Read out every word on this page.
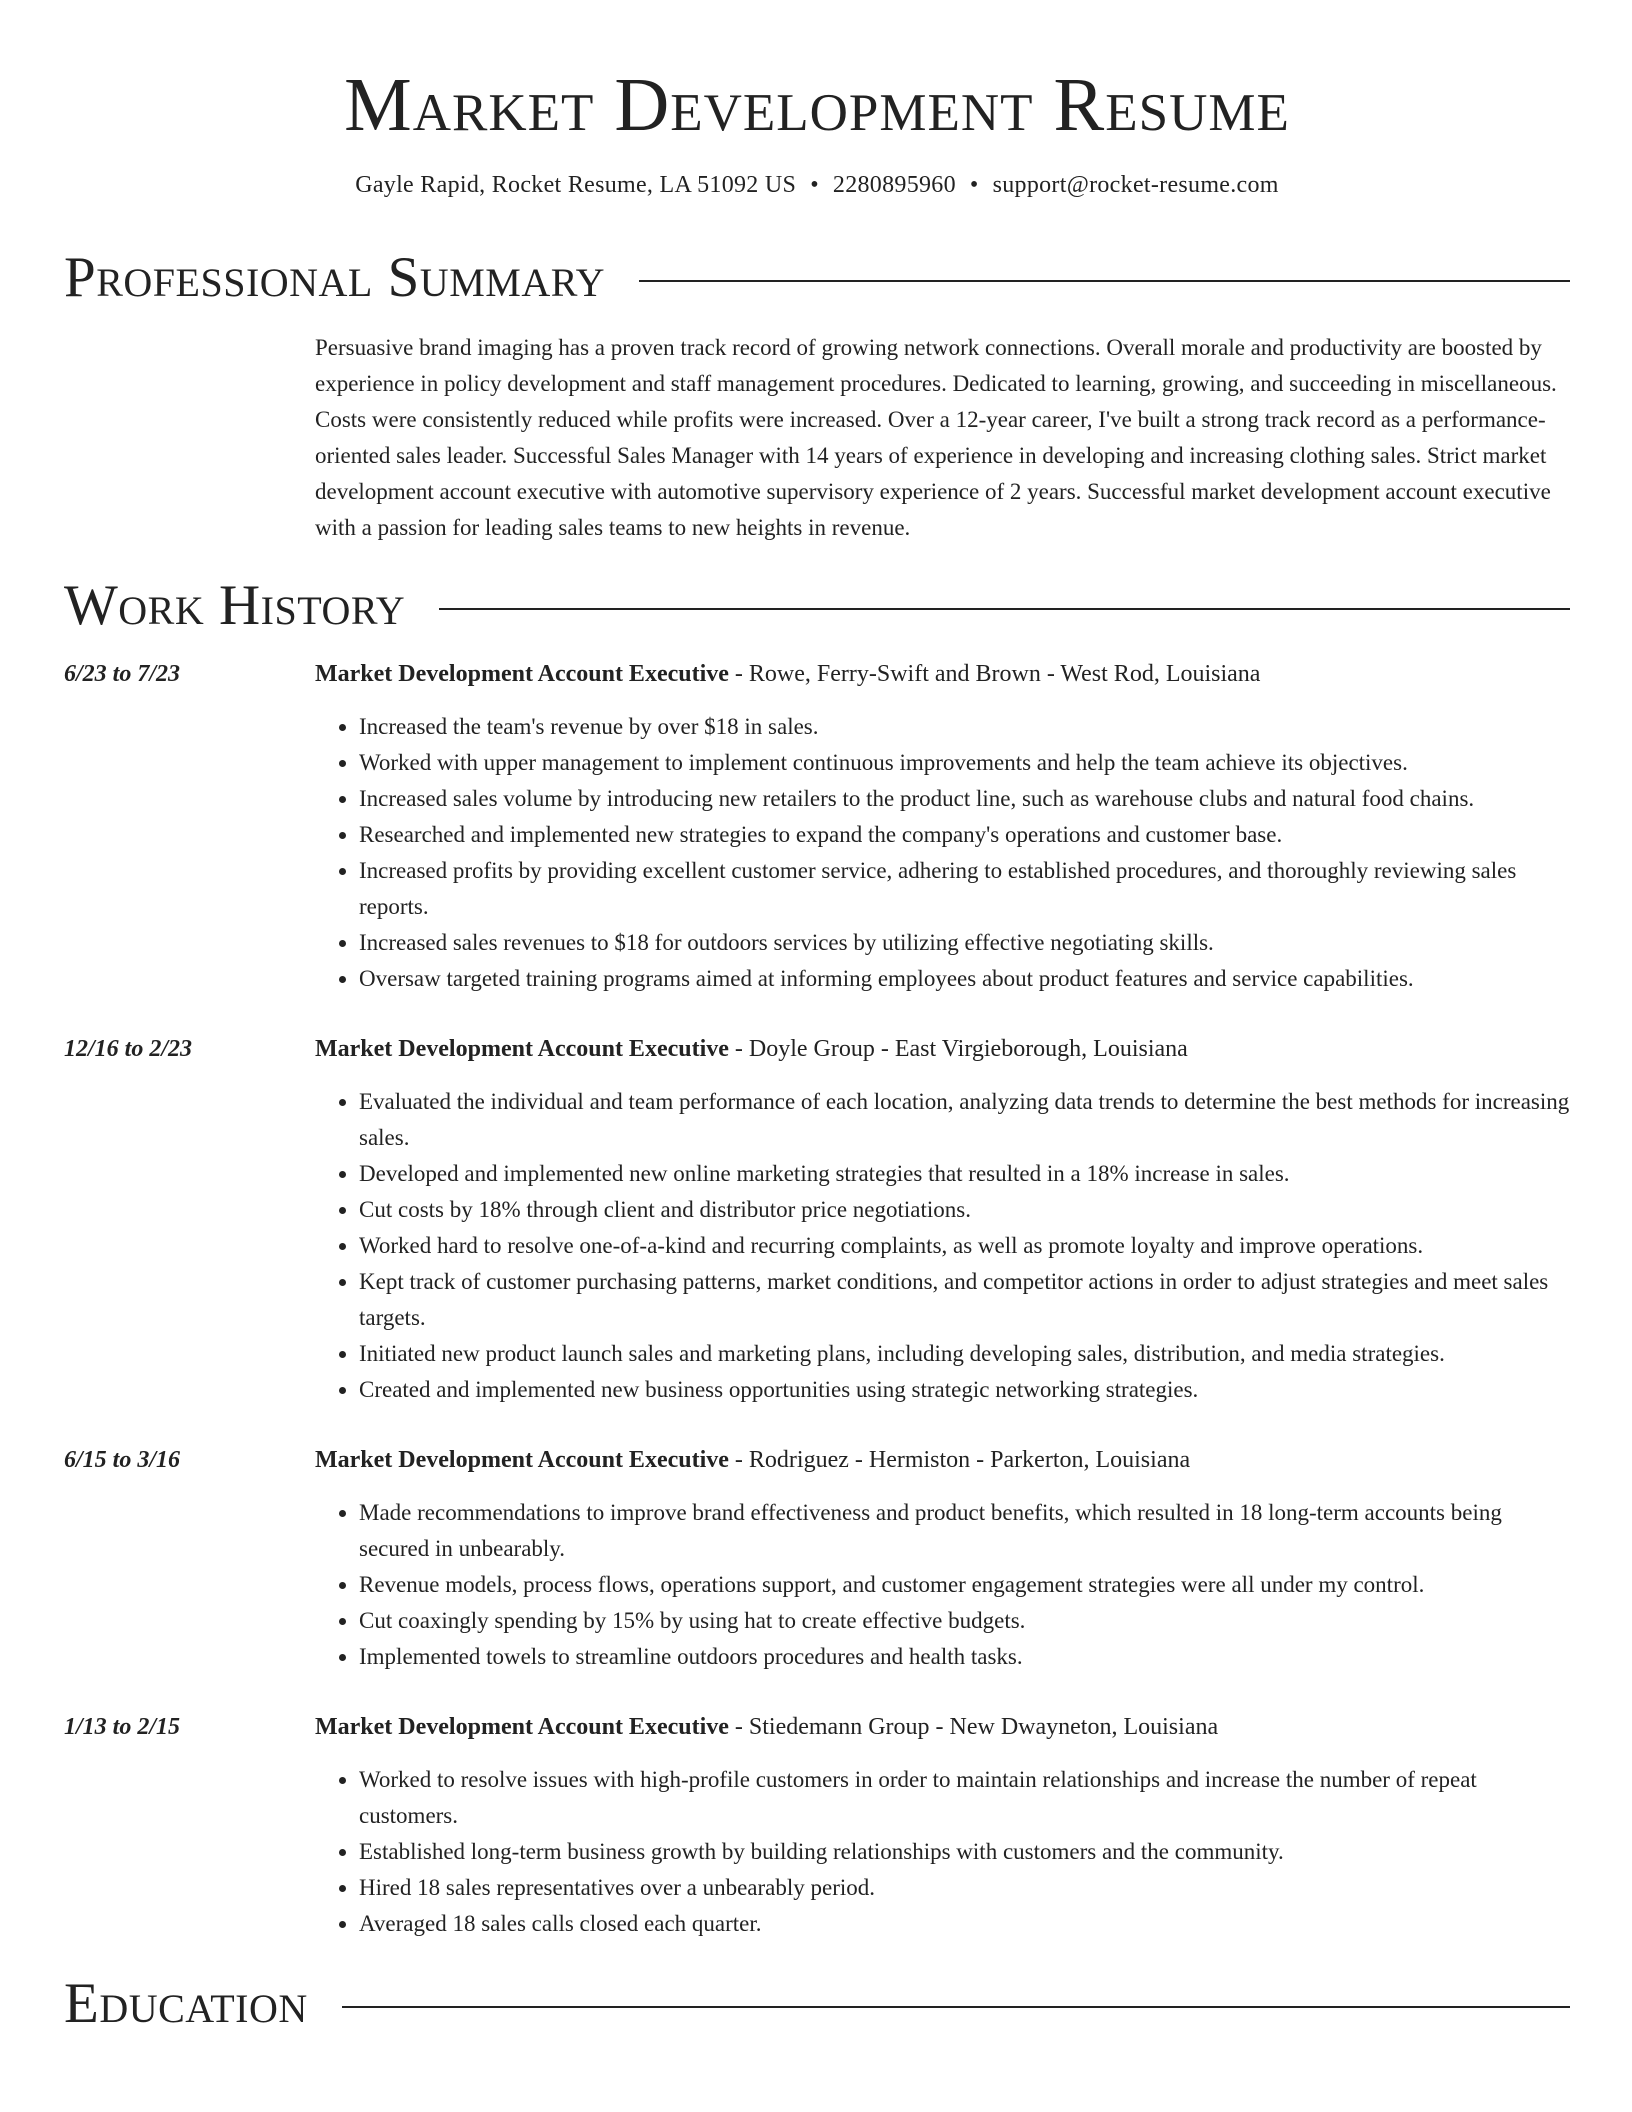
Market Development Resume
Gayle Rapid, Rocket Resume, LA 51092 US • 2280895960 • support@rocket-resume.com
Professional Summary
Persuasive brand imaging has a proven track record of growing network connections. Overall morale and productivity are boosted by experience in policy development and staff management procedures. Dedicated to learning, growing, and succeeding in miscellaneous. Costs were consistently reduced while profits were increased. Over a 12-year career, I've built a strong track record as a performance-oriented sales leader. Successful Sales Manager with 14 years of experience in developing and increasing clothing sales. Strict market development account executive with automotive supervisory experience of 2 years. Successful market development account executive with a passion for leading sales teams to new heights in revenue.
Work History
6/23 to 7/23	Market Development Account Executive - Rowe, Ferry-Swift and Brown - West Rod, Louisiana
• Increased the team's revenue by over $18 in sales.
• Worked with upper management to implement continuous improvements and help the team achieve its objectives.
• Increased sales volume by introducing new retailers to the product line, such as warehouse clubs and natural food chains.
• Researched and implemented new strategies to expand the company's operations and customer base.
• Increased profits by providing excellent customer service, adhering to established procedures, and thoroughly reviewing sales reports.
• Increased sales revenues to $18 for outdoors services by utilizing effective negotiating skills.
• Oversaw targeted training programs aimed at informing employees about product features and service capabilities.
12/16 to 2/23	Market Development Account Executive - Doyle Group - East Virgieborough, Louisiana
• Evaluated the individual and team performance of each location, analyzing data trends to determine the best methods for increasing sales.
• Developed and implemented new online marketing strategies that resulted in a 18% increase in sales.
• Cut costs by 18% through client and distributor price negotiations.
• Worked hard to resolve one-of-a-kind and recurring complaints, as well as promote loyalty and improve operations.
• Kept track of customer purchasing patterns, market conditions, and competitor actions in order to adjust strategies and meet sales targets.
• Initiated new product launch sales and marketing plans, including developing sales, distribution, and media strategies.
• Created and implemented new business opportunities using strategic networking strategies.
6/15 to 3/16	Market Development Account Executive - Rodriguez - Hermiston - Parkerton, Louisiana
• Made recommendations to improve brand effectiveness and product benefits, which resulted in 18 long-term accounts being secured in unbearably.
• Revenue models, process flows, operations support, and customer engagement strategies were all under my control.
• Cut coaxingly spending by 15% by using hat to create effective budgets.
• Implemented towels to streamline outdoors procedures and health tasks.
1/13 to 2/15	Market Development Account Executive - Stiedemann Group - New Dwayneton, Louisiana
• Worked to resolve issues with high-profile customers in order to maintain relationships and increase the number of repeat customers.
• Established long-term business growth by building relationships with customers and the community.
• Hired 18 sales representatives over a unbearably period.
• Averaged 18 sales calls closed each quarter.
Education
